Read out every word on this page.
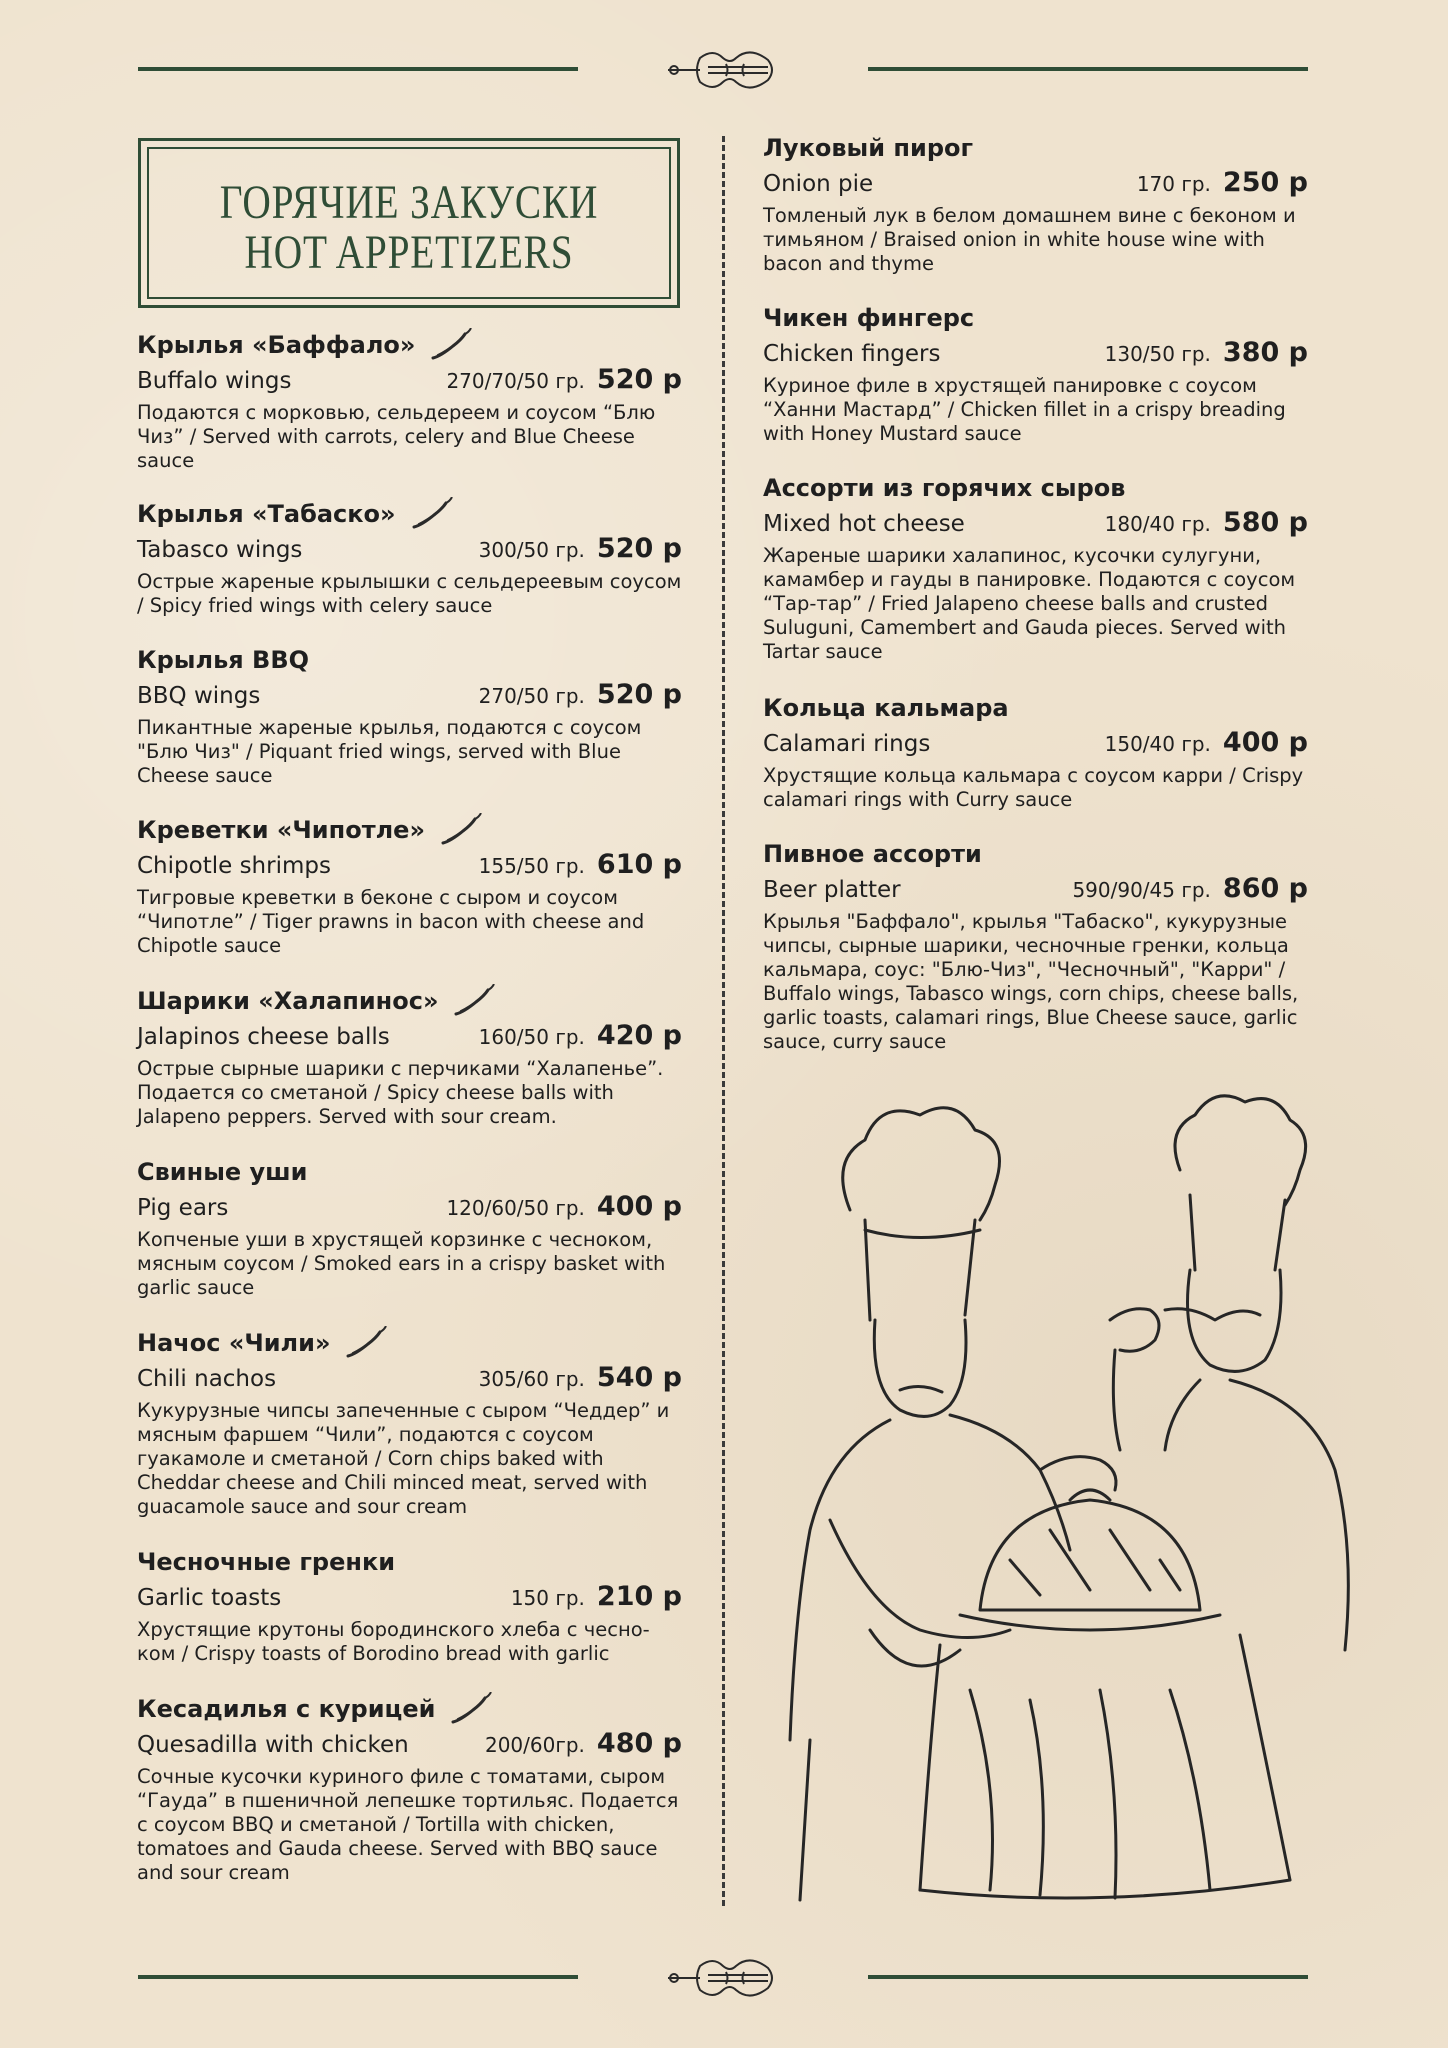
ГОРЯЧИЕ ЗАКУСКИ
HOT APPETIZERS
Крылья «Баффало»
Buffalo wings	270/70/50 гр. 520 р
Подаются с морковью, сельдереем и соусом “Блю Чиз” / Served with carrots, celery and Blue Cheese sauce
Крылья «Табаско»
Tabasco wings	300/50 гр. 520 р
Острые жареные крылышки с сельдереевым соусом / Spicy fried wings with celery sauce
Крылья BBQ
BBQ wings	270/50 гр. 520 р
Пикантные жареные крылья, подаются с соусом "Блю Чиз" / Piquant fried wings, served with Blue Cheese sauce
Креветки «Чипотле»
Chipotle shrimps	155/50 гр. 610 р
Тигровые креветки в беконе с сыром и соусом “Чипотле” / Tiger prawns in bacon with cheese and Chipotle sauce
Шарики «Халапинос»
Jalapinos cheese balls	160/50 гр. 420 р
Острые сырные шарики с перчиками “Халапенье”. Подается со сметаной / Spicy cheese balls with Jalapeno peppers. Served with sour cream.
Свиные уши
Pig ears	120/60/50 гр. 400 р
Копченые уши в хрустящей корзинке с чесноком, мясным соусом / Smoked ears in a crispy basket with garlic sauce
Начос «Чили»
Chili nachos	305/60 гр. 540 р
Кукурузные чипсы запеченные с сыром “Чеддер” и мясным фаршем “Чили”, подаются с соусом гуакамоле и сметаной / Corn chips baked with Cheddar cheese and Chili minced meat, served with guacamole sauce and sour cream
Чесночные гренки
Garlic toasts	150 гр. 210 р
Хрустящие крутоны бородинского хлеба с чесно-ком / Crispy toasts of Borodino bread with garlic
Кесадилья с курицей
Quesadilla with chicken	200/60гр. 480 р
Сочные кусочки куриного филе с томатами, сыром “Гауда” в пшеничной лепешке тортильяс. Подается с соусом BBQ и сметаной / Tortilla with chicken, tomatoes and Gauda cheese. Served with BBQ sauce and sour cream
Луковый пирог
Onion pie	170 гр. 250 р
Томленый лук в белом домашнем вине с беконом и тимьяном / Braised onion in white house wine with bacon and thyme
Чикен фингерс
Chicken fingers	130/50 гр. 380 р
Куриное филе в хрустящей панировке с соусом “Ханни Мастард” / Chicken fillet in a crispy breading with Honey Mustard sauce
Ассорти из горячих сыров
Mixed hot cheese	180/40 гр. 580 р
Жареные шарики халапинос, кусочки сулугуни, камамбер и гауды в панировке. Подаются с соусом “Тар-тар” / Fried Jalapeno cheese balls and crusted Suluguni, Camembert and Gauda pieces. Served with Tartar sauce
Кольца кальмара
Calamari rings	150/40 гр. 400 р
Хрустящие кольца кальмара с соусом карри / Crispy calamari rings with Curry sauce
Пивное ассорти
Beer platter	590/90/45 гр. 860 р
Крылья "Баффало", крылья "Табаско", кукурузные чипсы, сырные шарики, чесночные гренки, кольца кальмара, соус: "Блю-Чиз", "Чесночный", "Карри" / Buffalo wings, Tabasco wings, corn chips, cheese balls, garlic toasts, calamari rings, Blue Cheese sauce, garlic sauce, curry sauce
